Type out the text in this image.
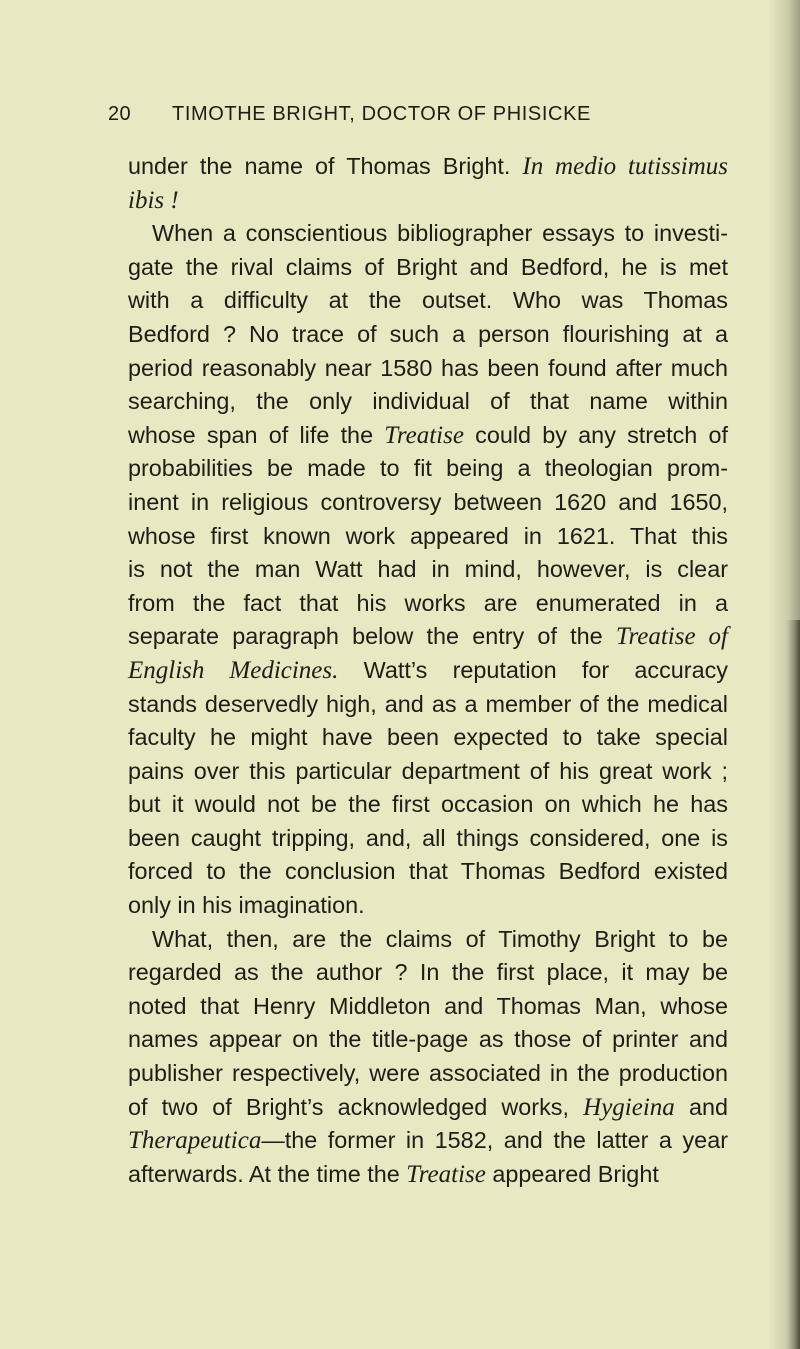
20 TIMOTHE BRIGHT, DOCTOR OF PHISICKE
under the name of Thomas Bright. In medio tutissimus
ibis !
When a conscientious bibliographer essays to investi-
gate the rival claims of Bright and Bedford, he is met
with a difficulty at the outset. Who was Thomas
Bedford ? No trace of such a person flourishing at a
period reasonably near 1580 has been found after much
searching, the only individual of that name within
whose span of life the Treatise could by any stretch of
probabilities be made to fit being a theologian prom-
inent in religious controversy between 1620 and 1650,
whose first known work appeared in 1621. That this
is not the man Watt had in mind, however, is clear
from the fact that his works are enumerated in a
separate paragraph below the entry of the Treatise of
English Medicines. Watt’s reputation for accuracy
stands deservedly high, and as a member of the medical
faculty he might have been expected to take special
pains over this particular department of his great work ;
but it would not be the first occasion on which he has
been caught tripping, and, all things considered, one is
forced to the conclusion that Thomas Bedford existed
only in his imagination.
What, then, are the claims of Timothy Bright to be
regarded as the author ? In the first place, it may be
noted that Henry Middleton and Thomas Man, whose
names appear on the title-page as those of printer and
publisher respectively, were associated in the production
of two of Bright’s acknowledged works, Hygieina and
Therapeutica—the former in 1582, and the latter a year
afterwards. At the time the Treatise appeared Bright
